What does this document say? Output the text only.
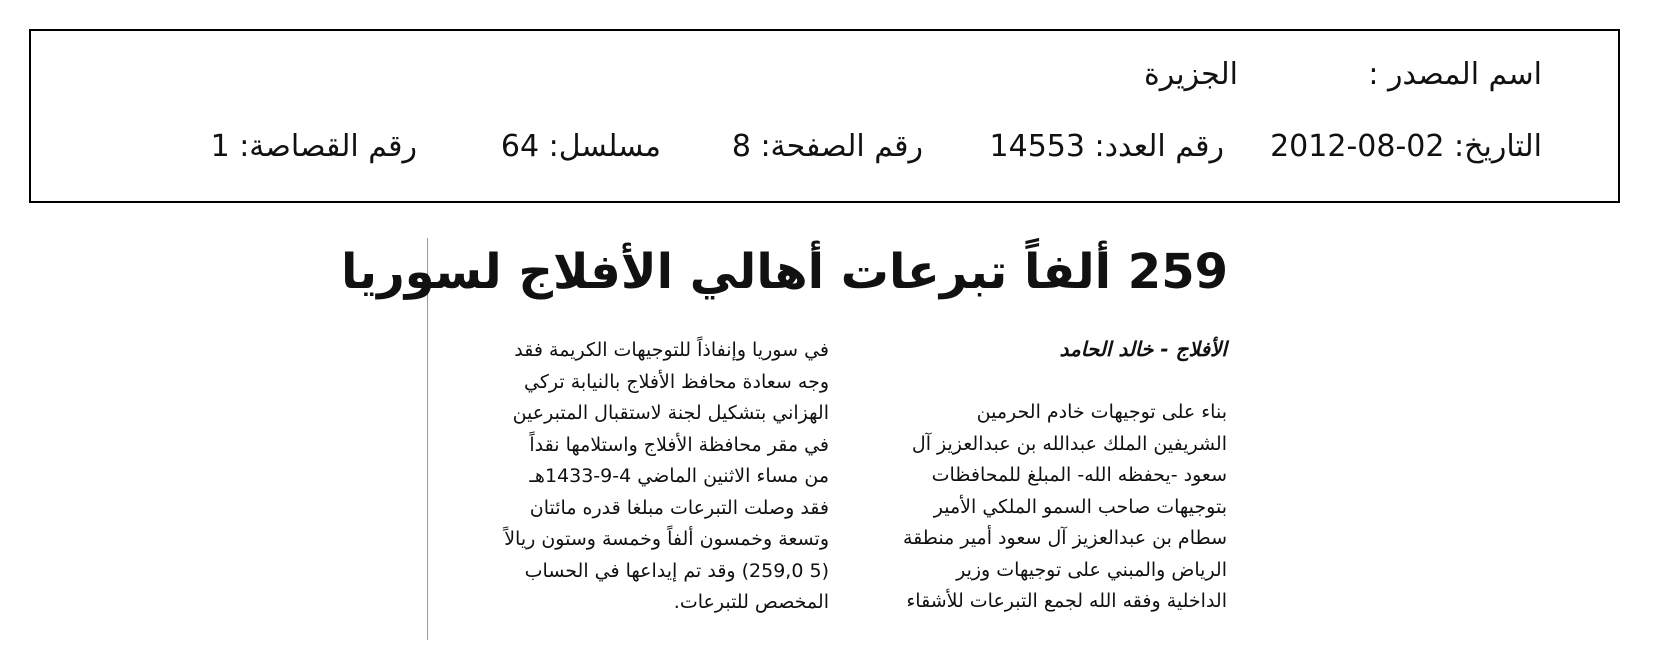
اسم المصدر :
الجزيرة
التاريخ: 02-08-2012
رقم العدد: 14553
رقم الصفحة: 8
مسلسل: 64
رقم القصاصة: 1
259 ألفاً تبرعات أهالي الأفلاج لسوريا
الأفلاج - خالد الحامد
بناء على توجيهات خادم الحرمين
الشريفين الملك عبدالله بن عبدالعزيز آل
سعود -يحفظه الله- المبلغ للمحافظات
بتوجيهات صاحب السمو الملكي الأمير
سطام بن عبدالعزيز آل سعود أمير منطقة
الرياض والمبني على توجيهات وزير
الداخلية وفقه الله لجمع التبرعات للأشقاء
في سوريا وإنفاذاً للتوجيهات الكريمة فقد
وجه سعادة محافظ الأفلاج بالنيابة تركي
الهزاني بتشكيل لجنة لاستقبال المتبرعين
في مقر محافظة الأفلاج واستلامها نقداً
من مساء الاثنين الماضي 4-9-1433هـ
فقد وصلت التبرعات مبلغا قدره مائتان
وتسعة وخمسون ألفاً وخمسة وستون ريالاً
(5 259,0) وقد تم إيداعها في الحساب
المخصص للتبرعات.
